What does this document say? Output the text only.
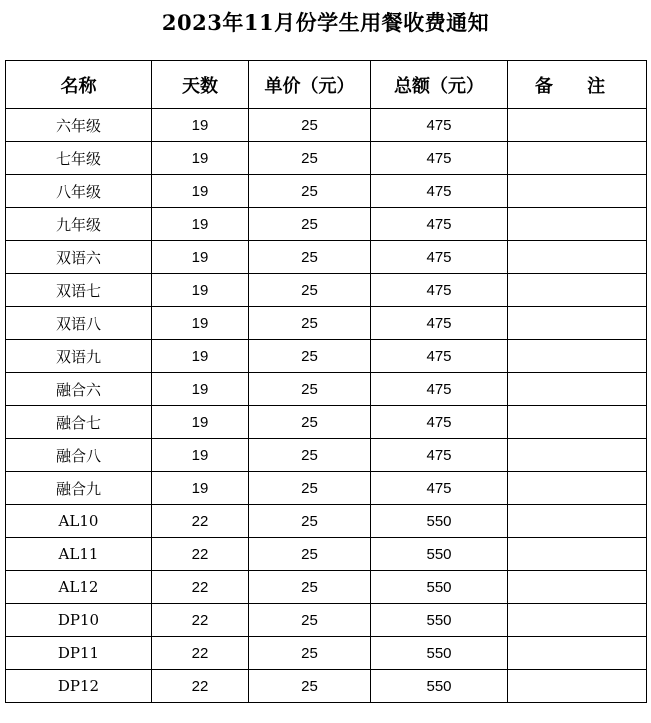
2023年11月份学生用餐收费通知
名称	天数	单价（元）	总额（元）	备 注
六年级	19	25	475	
七年级	19	25	475	
八年级	19	25	475	
九年级	19	25	475	
双语六	19	25	475	
双语七	19	25	475	
双语八	19	25	475	
双语九	19	25	475	
融合六	19	25	475	
融合七	19	25	475	
融合八	19	25	475	
融合九	19	25	475	
AL10	22	25	550	
AL11	22	25	550	
AL12	22	25	550	
DP10	22	25	550	
DP11	22	25	550	
DP12	22	25	550	
